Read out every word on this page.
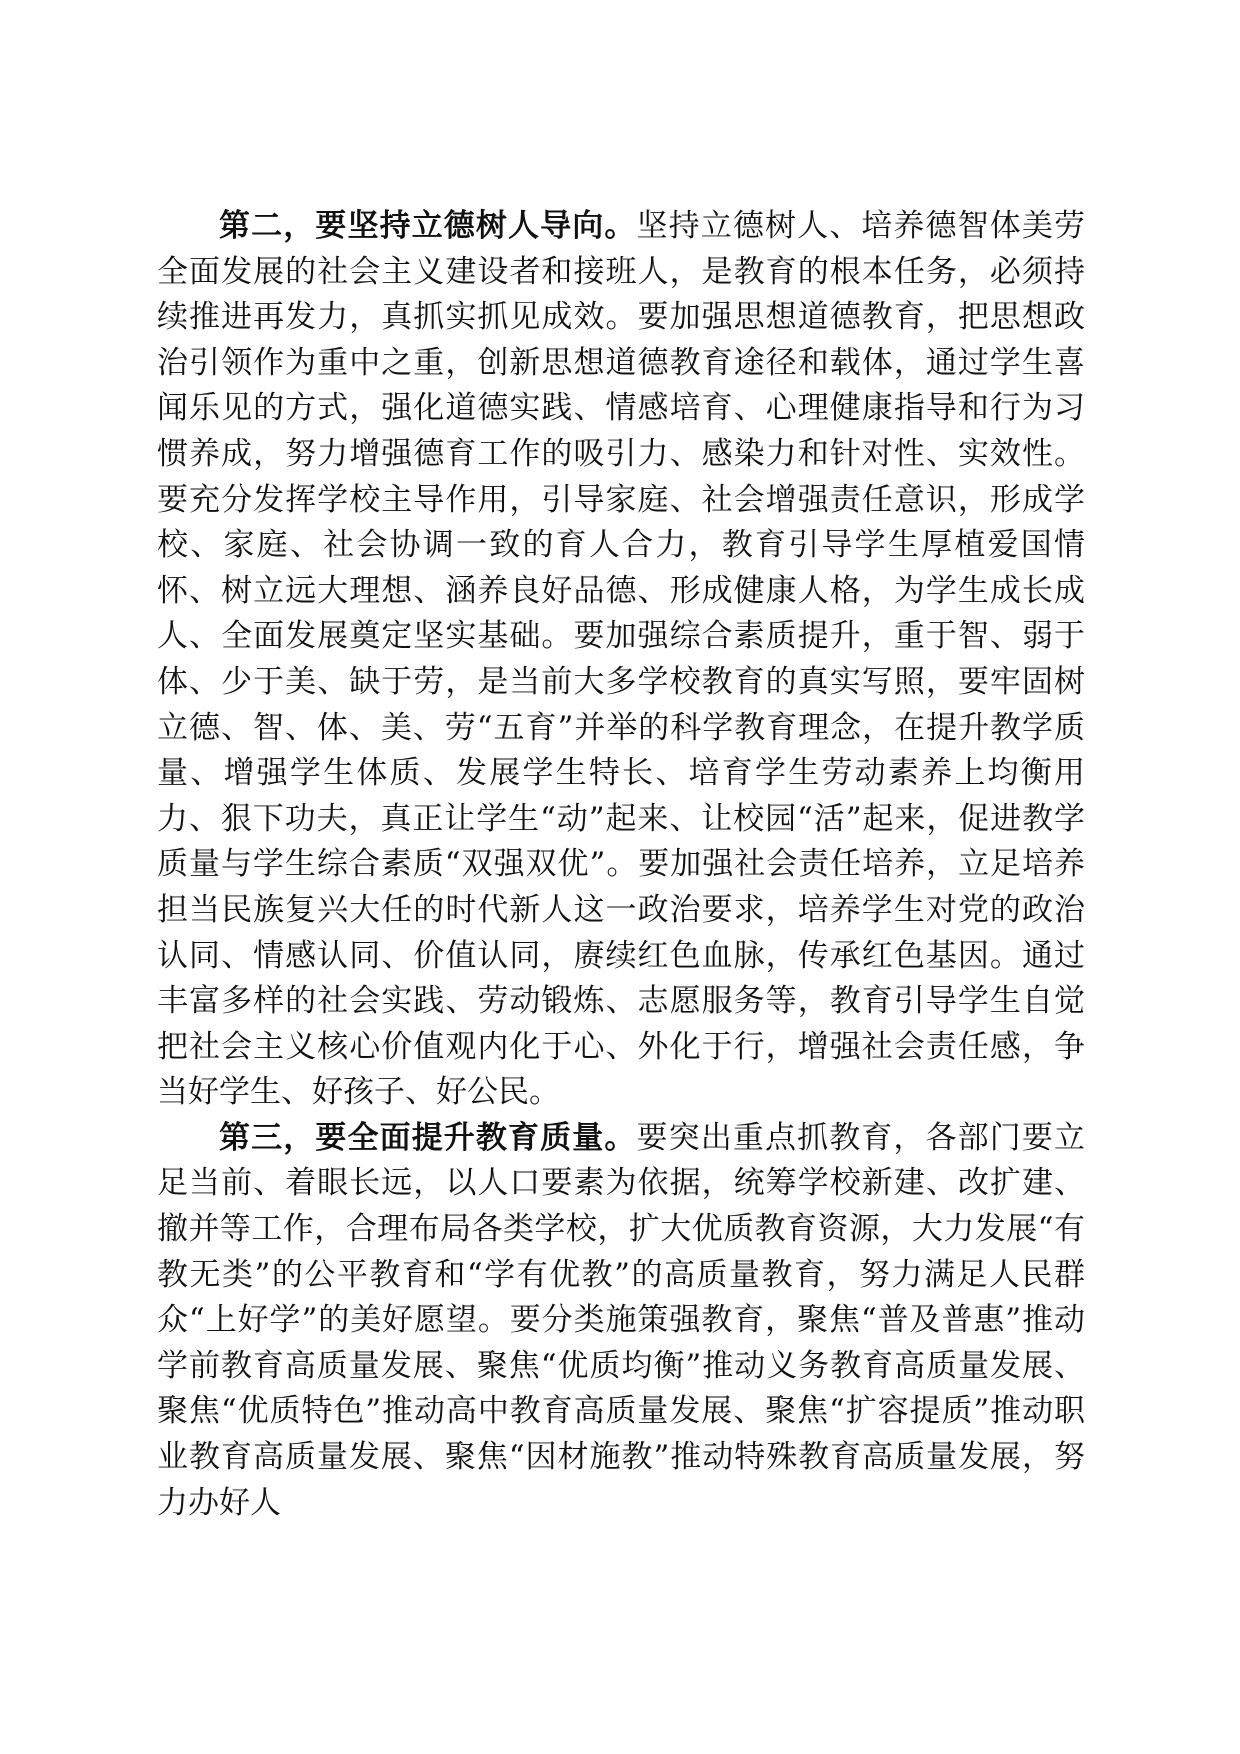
第二，要坚持立德树人导向。坚持立德树人、培养德智体美劳全面发展的社会主义建设者和接班人，是教育的根本任务，必须持续推进再发力，真抓实抓见成效。要加强思想道德教育，把思想政治引领作为重中之重，创新思想道德教育途径和载体，通过学生喜闻乐见的方式，强化道德实践、情感培育、心理健康指导和行为习惯养成，努力增强德育工作的吸引力、感染力和针对性、实效性。要充分发挥学校主导作用，引导家庭、社会增强责任意识，形成学校、家庭、社会协调一致的育人合力，教育引导学生厚植爱国情怀、树立远大理想、涵养良好品德、形成健康人格，为学生成长成人、全面发展奠定坚实基础。要加强综合素质提升，重于智、弱于体、少于美、缺于劳，是当前大多学校教育的真实写照，要牢固树立德、智、体、美、劳“五育”并举的科学教育理念，在提升教学质量、增强学生体质、发展学生特长、培育学生劳动素养上均衡用力、狠下功夫，真正让学生“动”起来、让校园“活”起来，促进教学质量与学生综合素质“双强双优”。要加强社会责任培养，立足培养担当民族复兴大任的时代新人这一政治要求，培养学生对党的政治认同、情感认同、价值认同，赓续红色血脉，传承红色基因。通过丰富多样的社会实践、劳动锻炼、志愿服务等，教育引导学生自觉把社会主义核心价值观内化于心、外化于行，增强社会责任感，争当好学生、好孩子、好公民。

第三，要全面提升教育质量。要突出重点抓教育，各部门要立足当前、着眼长远，以人口要素为依据，统筹学校新建、改扩建、撤并等工作，合理布局各类学校，扩大优质教育资源，大力发展“有教无类”的公平教育和“学有优教”的高质量教育，努力满足人民群众“上好学”的美好愿望。要分类施策强教育，聚焦“普及普惠”推动学前教育高质量发展、聚焦“优质均衡”推动义务教育高质量发展、聚焦“优质特色”推动高中教育高质量发展、聚焦“扩容提质”推动职业教育高质量发展、聚焦“因材施教”推动特殊教育高质量发展，努力办好人
